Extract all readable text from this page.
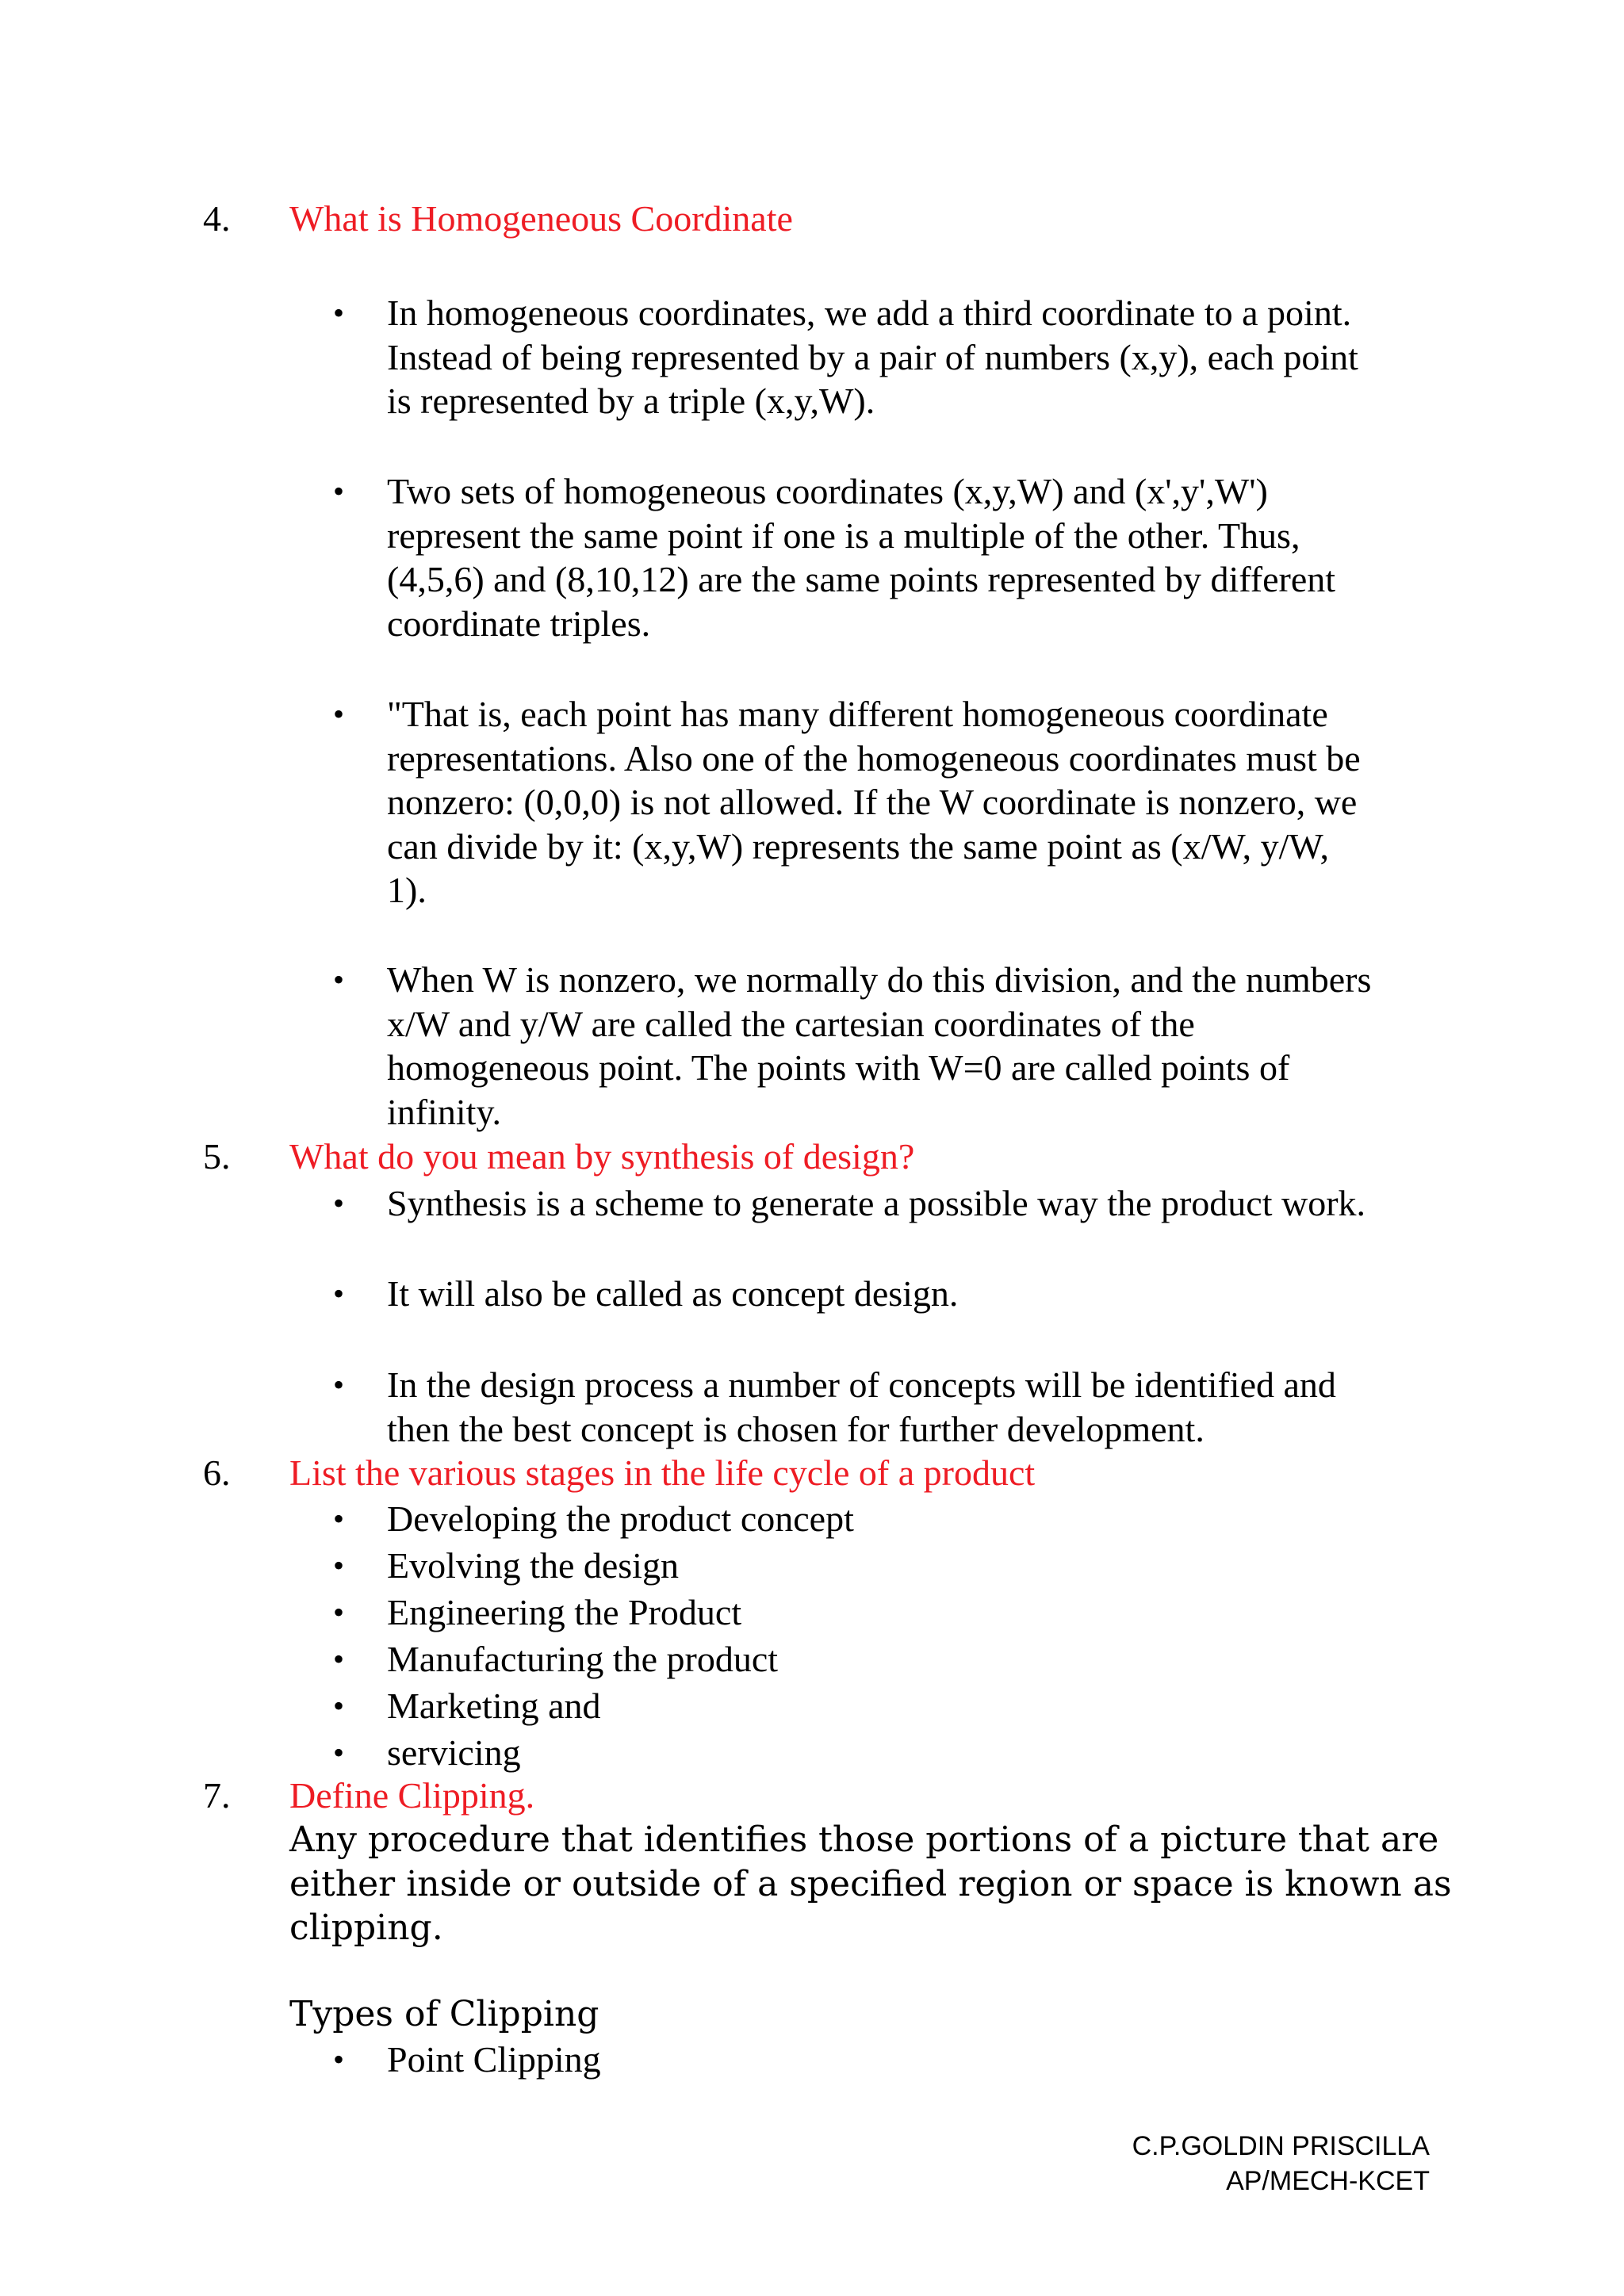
4.	What is Homogeneous Coordinate
•	In homogeneous coordinates, we add a third coordinate to a point.
Instead of being represented by a pair of numbers (x,y), each point
is represented by a triple (x,y,W).
•	Two sets of homogeneous coordinates (x,y,W) and (x',y',W')
represent the same point if one is a multiple of the other. Thus,
(4,5,6) and (8,10,12) are the same points represented by different
coordinate triples.
•	"That is, each point has many different homogeneous coordinate
representations. Also one of the homogeneous coordinates must be
nonzero: (0,0,0) is not allowed. If the W coordinate is nonzero, we
can divide by it: (x,y,W) represents the same point as (x/W, y/W,
1).
•	When W is nonzero, we normally do this division, and the numbers
x/W and y/W are called the cartesian coordinates of the
homogeneous point. The points with W=0 are called points of
infinity.
5.	What do you mean by synthesis of design?
•	Synthesis is a scheme to generate a possible way the product work.
•	It will also be called as concept design.
•	In the design process a number of concepts will be identified and
then the best concept is chosen for further development.
6.	List the various stages in the life cycle of a product
•	Developing the product concept
•	Evolving the design
•	Engineering the Product
•	Manufacturing the product
•	Marketing and
•	servicing
7.	Define Clipping.
Any procedure that identifies those portions of a picture that are
either inside or outside of a specified region or space is known as
clipping.
Types of Clipping
•	Point Clipping
C.P.GOLDIN PRISCILLA
AP/MECH-KCET
